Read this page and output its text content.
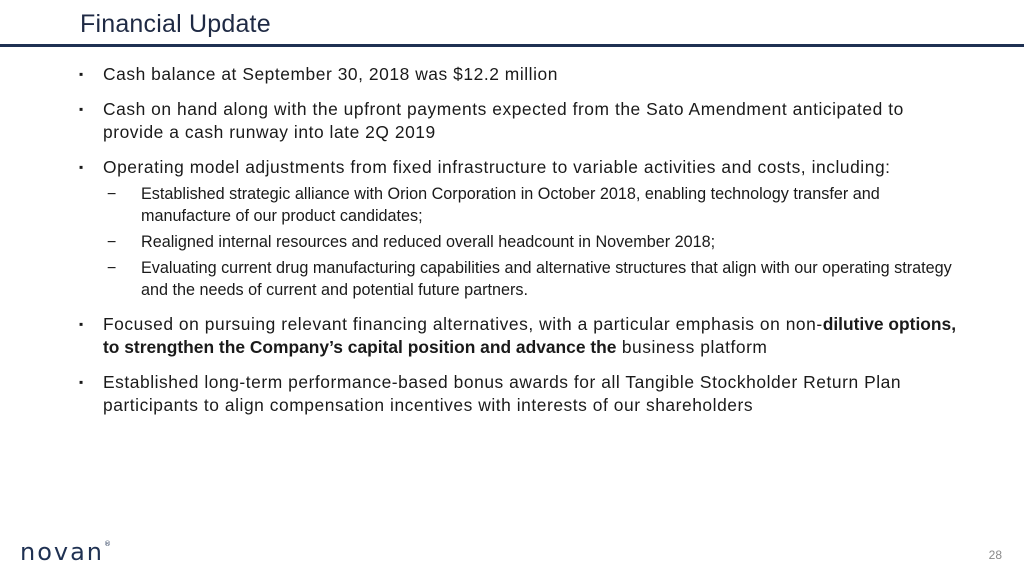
Financial Update
▪ Cash balance at September 30, 2018 was $12.2 million
▪ Cash on hand along with the upfront payments expected from the Sato Amendment anticipated to provide a cash runway into late 2Q 2019
▪ Operating model adjustments from fixed infrastructure to variable activities and costs, including:
− Established strategic alliance with Orion Corporation in October 2018, enabling technology transfer and manufacture of our product candidates;
− Realigned internal resources and reduced overall headcount in November 2018;
− Evaluating current drug manufacturing capabilities and alternative structures that align with our operating strategy and the needs of current and potential future partners.
▪ Focused on pursuing relevant financing alternatives, with a particular emphasis on non-dilutive options, to strengthen the Company’s capital position and advance the business platform
▪ Established long-term performance-based bonus awards for all Tangible Stockholder Return Plan participants to align compensation incentives with interests of our shareholders
novan®
28
